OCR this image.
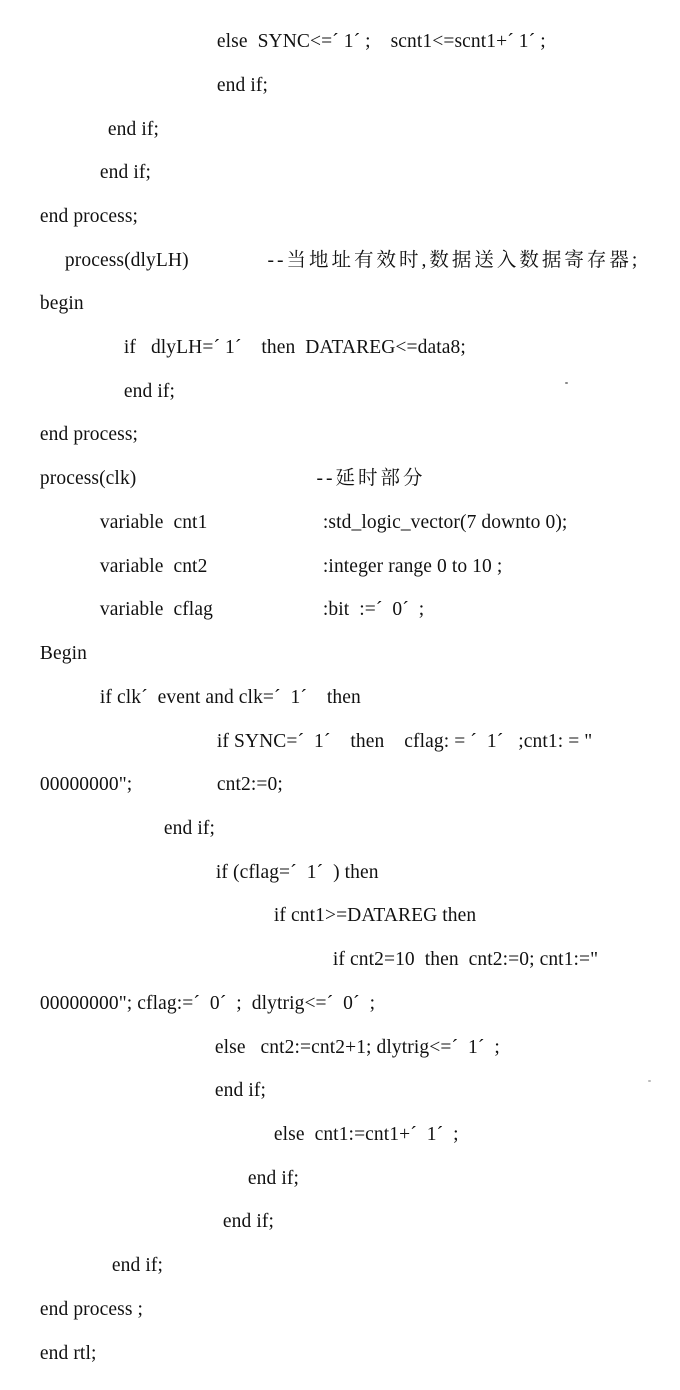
else  SYNC<=´ 1´ ;    scnt1<=scnt1+´ 1´ ;

end if;

end if;

end if;

end process;

process(dlyLH)
	--当地址有效时,数据送入数据寄存器;

begin

if   dlyLH=´ 1´    then  DATAREG<=data8;

end if;

end process;

process(clk)
	--延时部分

variable  cnt1
	:std_logic_vector(7 downto 0);

variable  cnt2
	:integer range 0 to 10 ;

variable  cflag
	:bit  :=´  0´  ;

Begin

if clk´  event and clk=´  1´    then

if SYNC=´  1´    then    cflag: = ´  1´   ;cnt1: = "

00000000";
	cnt2:=0;

end if;

if (cflag=´  1´  ) then

if cnt1>=DATAREG then

if cnt2=10  then  cnt2:=0; cnt1:="

00000000"; cflag:=´  0´  ;  dlytrig<=´  0´  ;

else   cnt2:=cnt2+1; dlytrig<=´  1´  ;

end if;

else  cnt1:=cnt1+´  1´  ;

end if;

end if;

end if;

end process ;

end rtl;
